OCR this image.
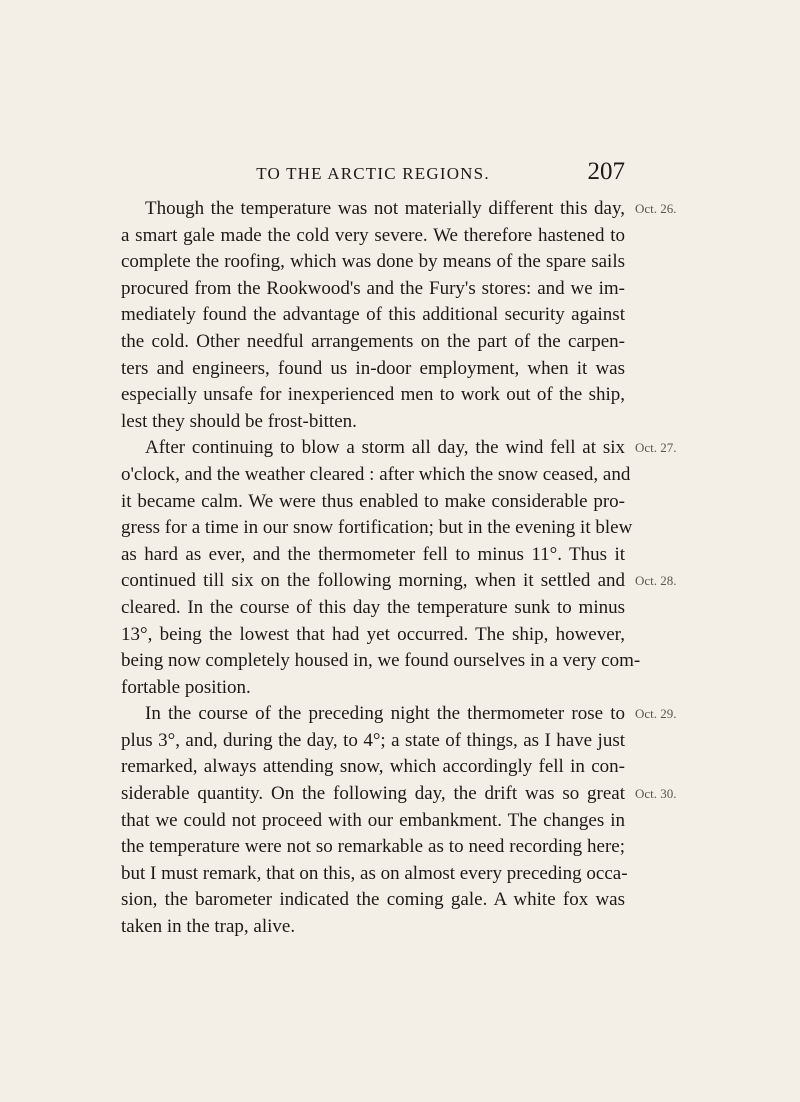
TO THE ARCTIC REGIONS.	207
Though the temperature was not materially different this day,
a smart gale made the cold very severe. We therefore hastened to
complete the roofing, which was done by means of the spare sails
procured from the Rookwood's and the Fury's stores: and we im-
mediately found the advantage of this additional security against
the cold. Other needful arrangements on the part of the carpen-
ters and engineers, found us in-door employment, when it was
especially unsafe for inexperienced men to work out of the ship,
lest they should be frost-bitten.
After continuing to blow a storm all day, the wind fell at six
o'clock, and the weather cleared : after which the snow ceased, and
it became calm. We were thus enabled to make considerable pro-
gress for a time in our snow fortification; but in the evening it blew
as hard as ever, and the thermometer fell to minus 11°. Thus it
continued till six on the following morning, when it settled and
cleared. In the course of this day the temperature sunk to minus
13°, being the lowest that had yet occurred. The ship, however,
being now completely housed in, we found ourselves in a very com-
fortable position.
In the course of the preceding night the thermometer rose to
plus 3°, and, during the day, to 4°; a state of things, as I have just
remarked, always attending snow, which accordingly fell in con-
siderable quantity. On the following day, the drift was so great
that we could not proceed with our embankment. The changes in
the temperature were not so remarkable as to need recording here;
but I must remark, that on this, as on almost every preceding occa-
sion, the barometer indicated the coming gale. A white fox was
taken in the trap, alive.
Oct. 26.
Oct. 27.
Oct. 28.
Oct. 29.
Oct. 30.
